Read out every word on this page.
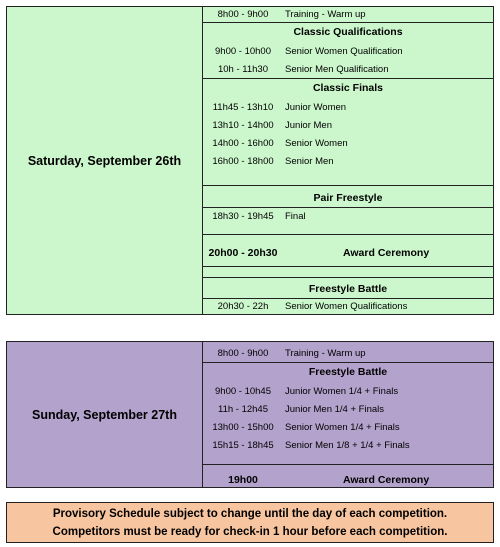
Saturday, September 26th
8h00 - 9h00	Training - Warm up
Classic Qualifications
9h00 - 10h00	Senior Women Qualification
10h - 11h30	Senior Men Qualification
Classic Finals
11h45 - 13h10	Junior Women
13h10 - 14h00	Junior Men
14h00 - 16h00	Senior Women
16h00 - 18h00	Senior Men
Pair Freestyle
18h30 - 19h45	Final
20h00 - 20h30	Award Ceremony
Freestyle Battle
20h30 - 22h	Senior Women Qualifications
Sunday, September 27th
8h00 - 9h00	Training - Warm up
Freestyle Battle
9h00 - 10h45	Junior Women 1/4 + Finals
11h - 12h45	Junior Men 1/4 + Finals
13h00 - 15h00	Senior Women 1/4 + Finals
15h15 - 18h45	Senior Men 1/8 + 1/4 + Finals
19h00	Award Ceremony
Provisory Schedule subject to change until the day of each competition.
Competitors must be ready for check-in 1 hour before each competition.
